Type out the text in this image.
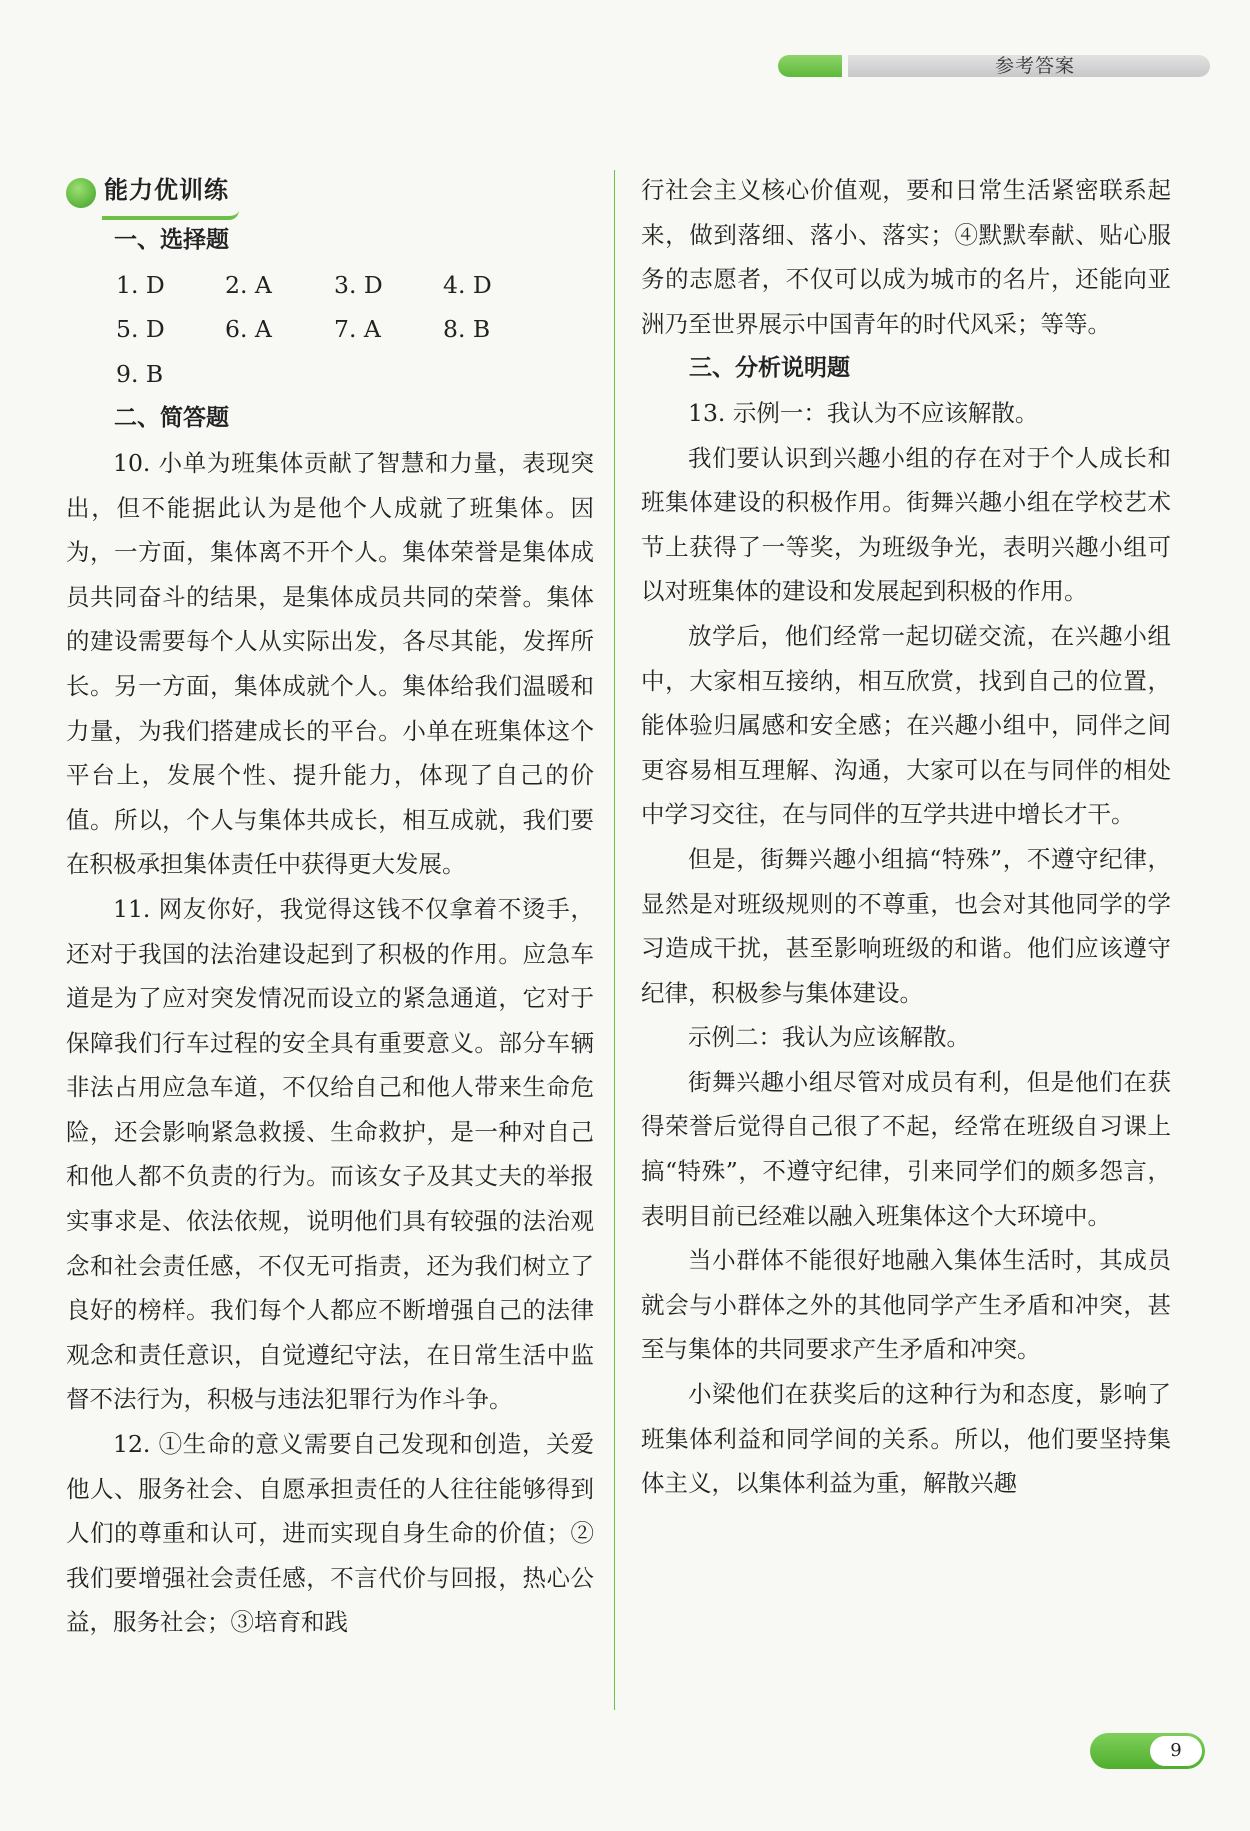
参考答案
能力优训练

一、选择题

1. D	2. A	3. D	4. D
5. D	6. A	7. A	8. B
9. B

二、简答题

10. 小单为班集体贡献了智慧和力量，表现突出，但不能据此认为是他个人成就了班集体。因为，一方面，集体离不开个人。集体荣誉是集体成员共同奋斗的结果，是集体成员共同的荣誉。集体的建设需要每个人从实际出发，各尽其能，发挥所长。另一方面，集体成就个人。集体给我们温暖和力量，为我们搭建成长的平台。小单在班集体这个平台上，发展个性、提升能力，体现了自己的价值。所以，个人与集体共成长，相互成就，我们要在积极承担集体责任中获得更大发展。

11. 网友你好，我觉得这钱不仅拿着不烫手，还对于我国的法治建设起到了积极的作用。应急车道是为了应对突发情况而设立的紧急通道，它对于保障我们行车过程的安全具有重要意义。部分车辆非法占用应急车道，不仅给自己和他人带来生命危险，还会影响紧急救援、生命救护，是一种对自己和他人都不负责的行为。而该女子及其丈夫的举报实事求是、依法依规，说明他们具有较强的法治观念和社会责任感，不仅无可指责，还为我们树立了良好的榜样。我们每个人都应不断增强自己的法律观念和责任意识，自觉遵纪守法，在日常生活中监督不法行为，积极与违法犯罪行为作斗争。

12. ①生命的意义需要自己发现和创造，关爱他人、服务社会、自愿承担责任的人往往能够得到人们的尊重和认可，进而实现自身生命的价值；②我们要增强社会责任感，不言代价与回报，热心公益，服务社会；③培育和践

行社会主义核心价值观，要和日常生活紧密联系起来，做到落细、落小、落实；④默默奉献、贴心服务的志愿者，不仅可以成为城市的名片，还能向亚洲乃至世界展示中国青年的时代风采；等等。

三、分析说明题

13. 示例一：我认为不应该解散。

我们要认识到兴趣小组的存在对于个人成长和班集体建设的积极作用。街舞兴趣小组在学校艺术节上获得了一等奖，为班级争光，表明兴趣小组可以对班集体的建设和发展起到积极的作用。

放学后，他们经常一起切磋交流，在兴趣小组中，大家相互接纳，相互欣赏，找到自己的位置，能体验归属感和安全感；在兴趣小组中，同伴之间更容易相互理解、沟通，大家可以在与同伴的相处中学习交往，在与同伴的互学共进中增长才干。

但是，街舞兴趣小组搞“特殊”，不遵守纪律，显然是对班级规则的不尊重，也会对其他同学的学习造成干扰，甚至影响班级的和谐。他们应该遵守纪律，积极参与集体建设。

示例二：我认为应该解散。

街舞兴趣小组尽管对成员有利，但是他们在获得荣誉后觉得自己很了不起，经常在班级自习课上搞“特殊”，不遵守纪律，引来同学们的颇多怨言，表明目前已经难以融入班集体这个大环境中。

当小群体不能很好地融入集体生活时，其成员就会与小群体之外的其他同学产生矛盾和冲突，甚至与集体的共同要求产生矛盾和冲突。

小梁他们在获奖后的这种行为和态度，影响了班集体利益和同学间的关系。所以，他们要坚持集体主义，以集体利益为重，解散兴趣

9
